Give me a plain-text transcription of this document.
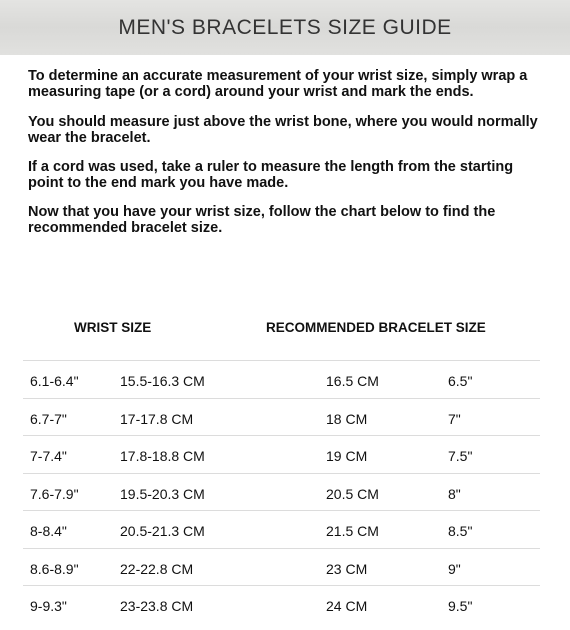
MEN'S BRACELETS SIZE GUIDE

To determine an accurate measurement of your wrist size, simply wrap a measuring tape (or a cord) around your wrist and mark the ends.

You should measure just above the wrist bone, where you would normally wear the bracelet.

If a cord was used, take a ruler to measure the length from the starting point to the end mark you have made.

Now that you have your wrist size, follow the chart below to find the recommended bracelet size.

WRIST SIZE	RECOMMENDED BRACELET SIZE
6.1-6.4"	15.5-16.3 CM	16.5 CM	6.5"
6.7-7"	17-17.8 CM	18 CM	7"
7-7.4"	17.8-18.8 CM	19 CM	7.5"
7.6-7.9"	19.5-20.3 CM	20.5 CM	8"
8-8.4"	20.5-21.3 CM	21.5 CM	8.5"
8.6-8.9"	22-22.8 CM	23 CM	9"
9-9.3"	23-23.8 CM	24 CM	9.5"
